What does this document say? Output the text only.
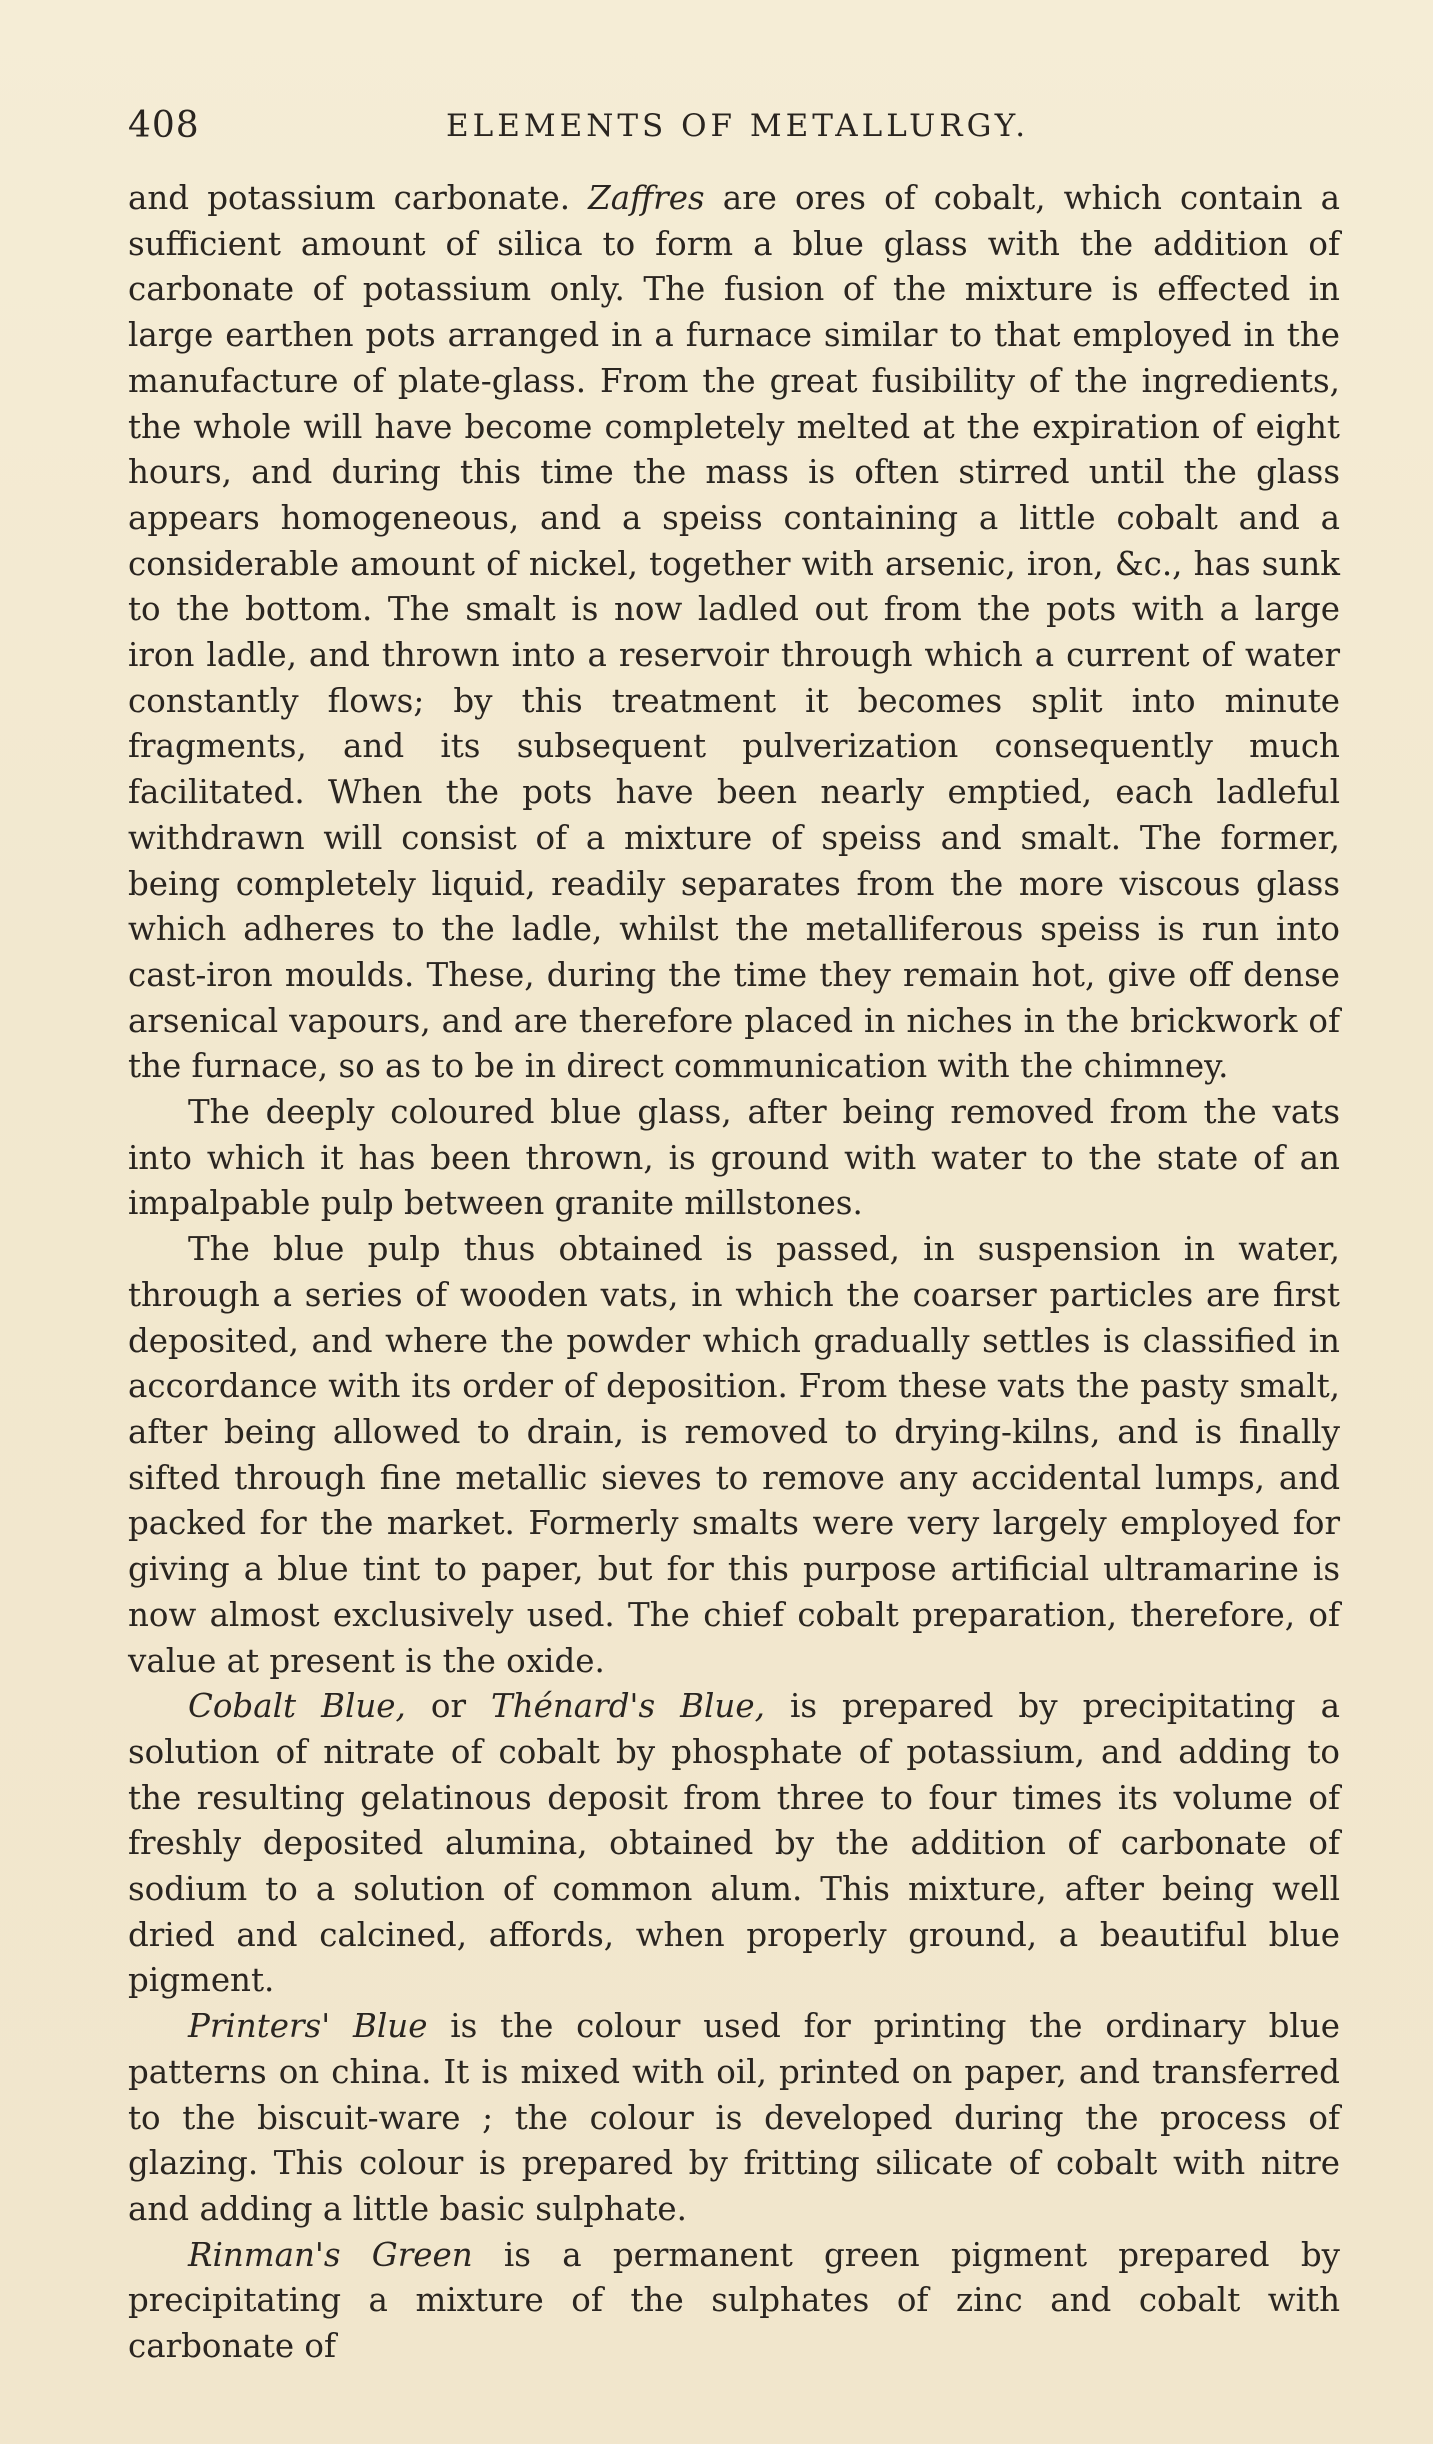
408	ELEMENTS OF METALLURGY.

and potassium carbonate. Zaffres are ores of cobalt, which contain a sufficient amount of silica to form a blue glass with the addition of carbonate of potassium only. The fusion of the mixture is effected in large earthen pots arranged in a furnace similar to that employed in the manufacture of plate-glass. From the great fusibility of the ingredients, the whole will have become completely melted at the expiration of eight hours, and during this time the mass is often stirred until the glass appears homogeneous, and a speiss containing a little cobalt and a considerable amount of nickel, together with arsenic, iron, &c., has sunk to the bottom. The smalt is now ladled out from the pots with a large iron ladle, and thrown into a reservoir through which a current of water constantly flows; by this treatment it becomes split into minute fragments, and its subsequent pulverization consequently much facilitated. When the pots have been nearly emptied, each ladleful withdrawn will consist of a mixture of speiss and smalt. The former, being completely liquid, readily separates from the more viscous glass which adheres to the ladle, whilst the metalliferous speiss is run into cast-iron moulds. These, during the time they remain hot, give off dense arsenical vapours, and are therefore placed in niches in the brickwork of the furnace, so as to be in direct communication with the chimney.

The deeply coloured blue glass, after being removed from the vats into which it has been thrown, is ground with water to the state of an impalpable pulp between granite millstones.

The blue pulp thus obtained is passed, in suspension in water, through a series of wooden vats, in which the coarser particles are first deposited, and where the powder which gradually settles is classified in accordance with its order of deposition. From these vats the pasty smalt, after being allowed to drain, is removed to drying-kilns, and is finally sifted through fine metallic sieves to remove any accidental lumps, and packed for the market. Formerly smalts were very largely employed for giving a blue tint to paper, but for this purpose artificial ultramarine is now almost exclusively used. The chief cobalt preparation, therefore, of value at present is the oxide.

Cobalt Blue, or Thénard's Blue, is prepared by precipitating a solution of nitrate of cobalt by phosphate of potassium, and adding to the resulting gelatinous deposit from three to four times its volume of freshly deposited alumina, obtained by the addition of carbonate of sodium to a solution of common alum. This mixture, after being well dried and calcined, affords, when properly ground, a beautiful blue pigment.

Printers' Blue is the colour used for printing the ordinary blue patterns on china. It is mixed with oil, printed on paper, and transferred to the biscuit-ware ; the colour is developed during the process of glazing. This colour is prepared by fritting silicate of cobalt with nitre and adding a little basic sulphate.

Rinman's Green is a permanent green pigment prepared by precipitating a mixture of the sulphates of zinc and cobalt with carbonate of
